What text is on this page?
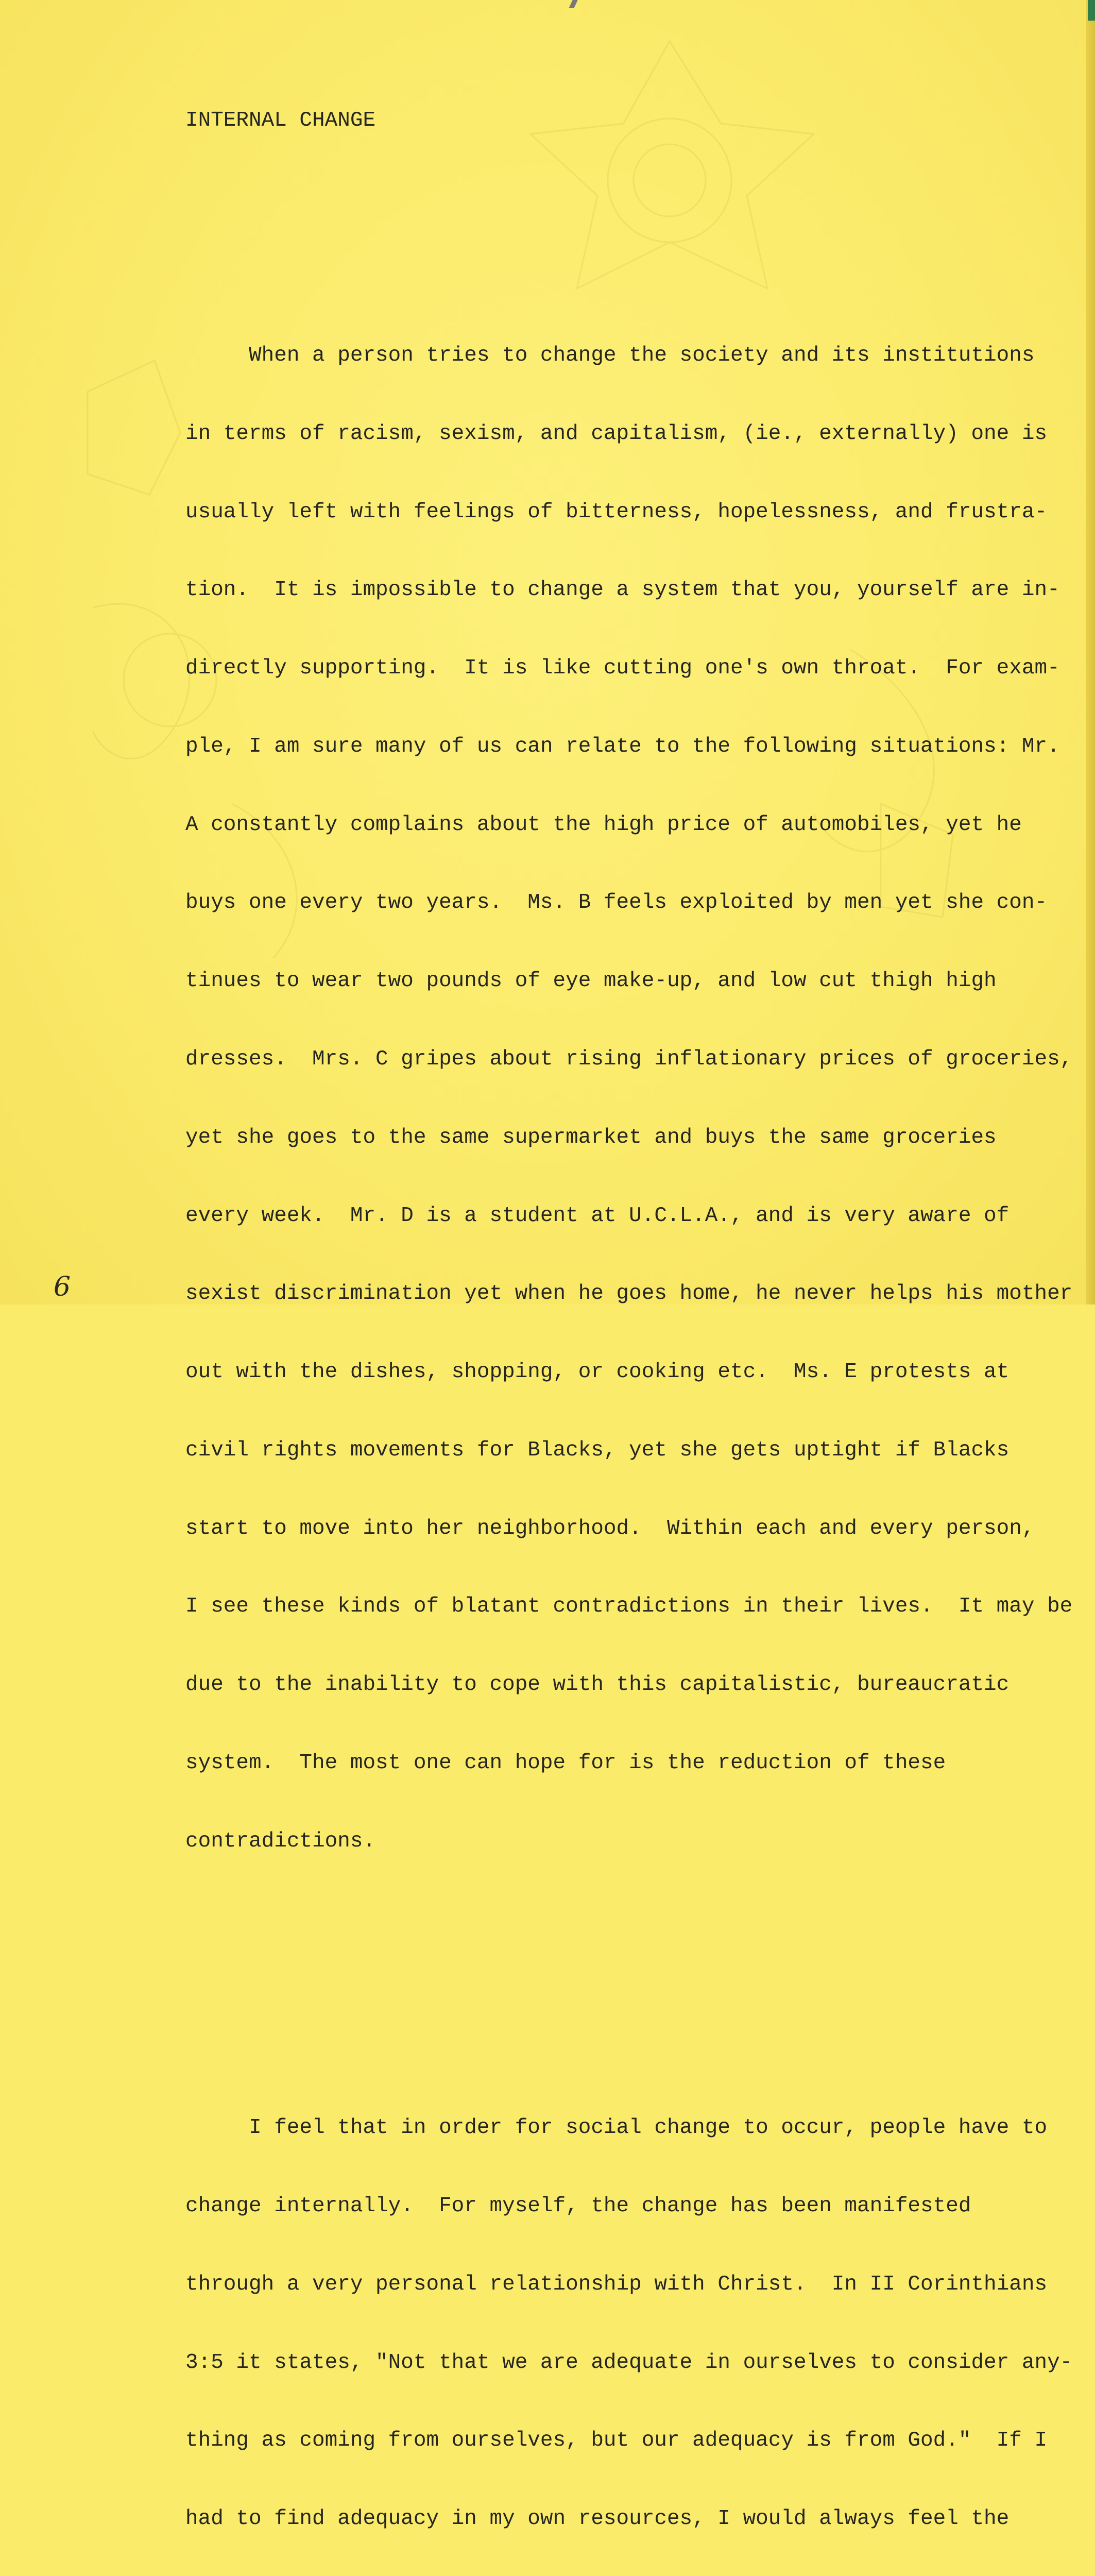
INTERNAL CHANGE

When a person tries to change the society and its institutions

in terms of racism, sexism, and capitalism, (ie., externally) one is

usually left with feelings of bitterness, hopelessness, and frustra-

tion.  It is impossible to change a system that you, yourself are in-

directly supporting.  It is like cutting one's own throat.  For exam-

ple, I am sure many of us can relate to the following situations: Mr.

A constantly complains about the high price of automobiles, yet he

buys one every two years.  Ms. B feels exploited by men yet she con-

tinues to wear two pounds of eye make-up, and low cut thigh high

dresses.  Mrs. C gripes about rising inflationary prices of groceries,

yet she goes to the same supermarket and buys the same groceries

every week.  Mr. D is a student at U.C.L.A., and is very aware of

sexist discrimination yet when he goes home, he never helps his mother

out with the dishes, shopping, or cooking etc.  Ms. E protests at

civil rights movements for Blacks, yet she gets uptight if Blacks

start to move into her neighborhood.  Within each and every person,

I see these kinds of blatant contradictions in their lives.  It may be

due to the inability to cope with this capitalistic, bureaucratic

system.  The most one can hope for is the reduction of these

contradictions.

I feel that in order for social change to occur, people have to

change internally.  For myself, the change has been manifested

through a very personal relationship with Christ.  In II Corinthians

3:5 it states, "Not that we are adequate in ourselves to consider any-

thing as coming from ourselves, but our adequacy is from God."  If I

had to find adequacy in my own resources, I would always feel the

6
